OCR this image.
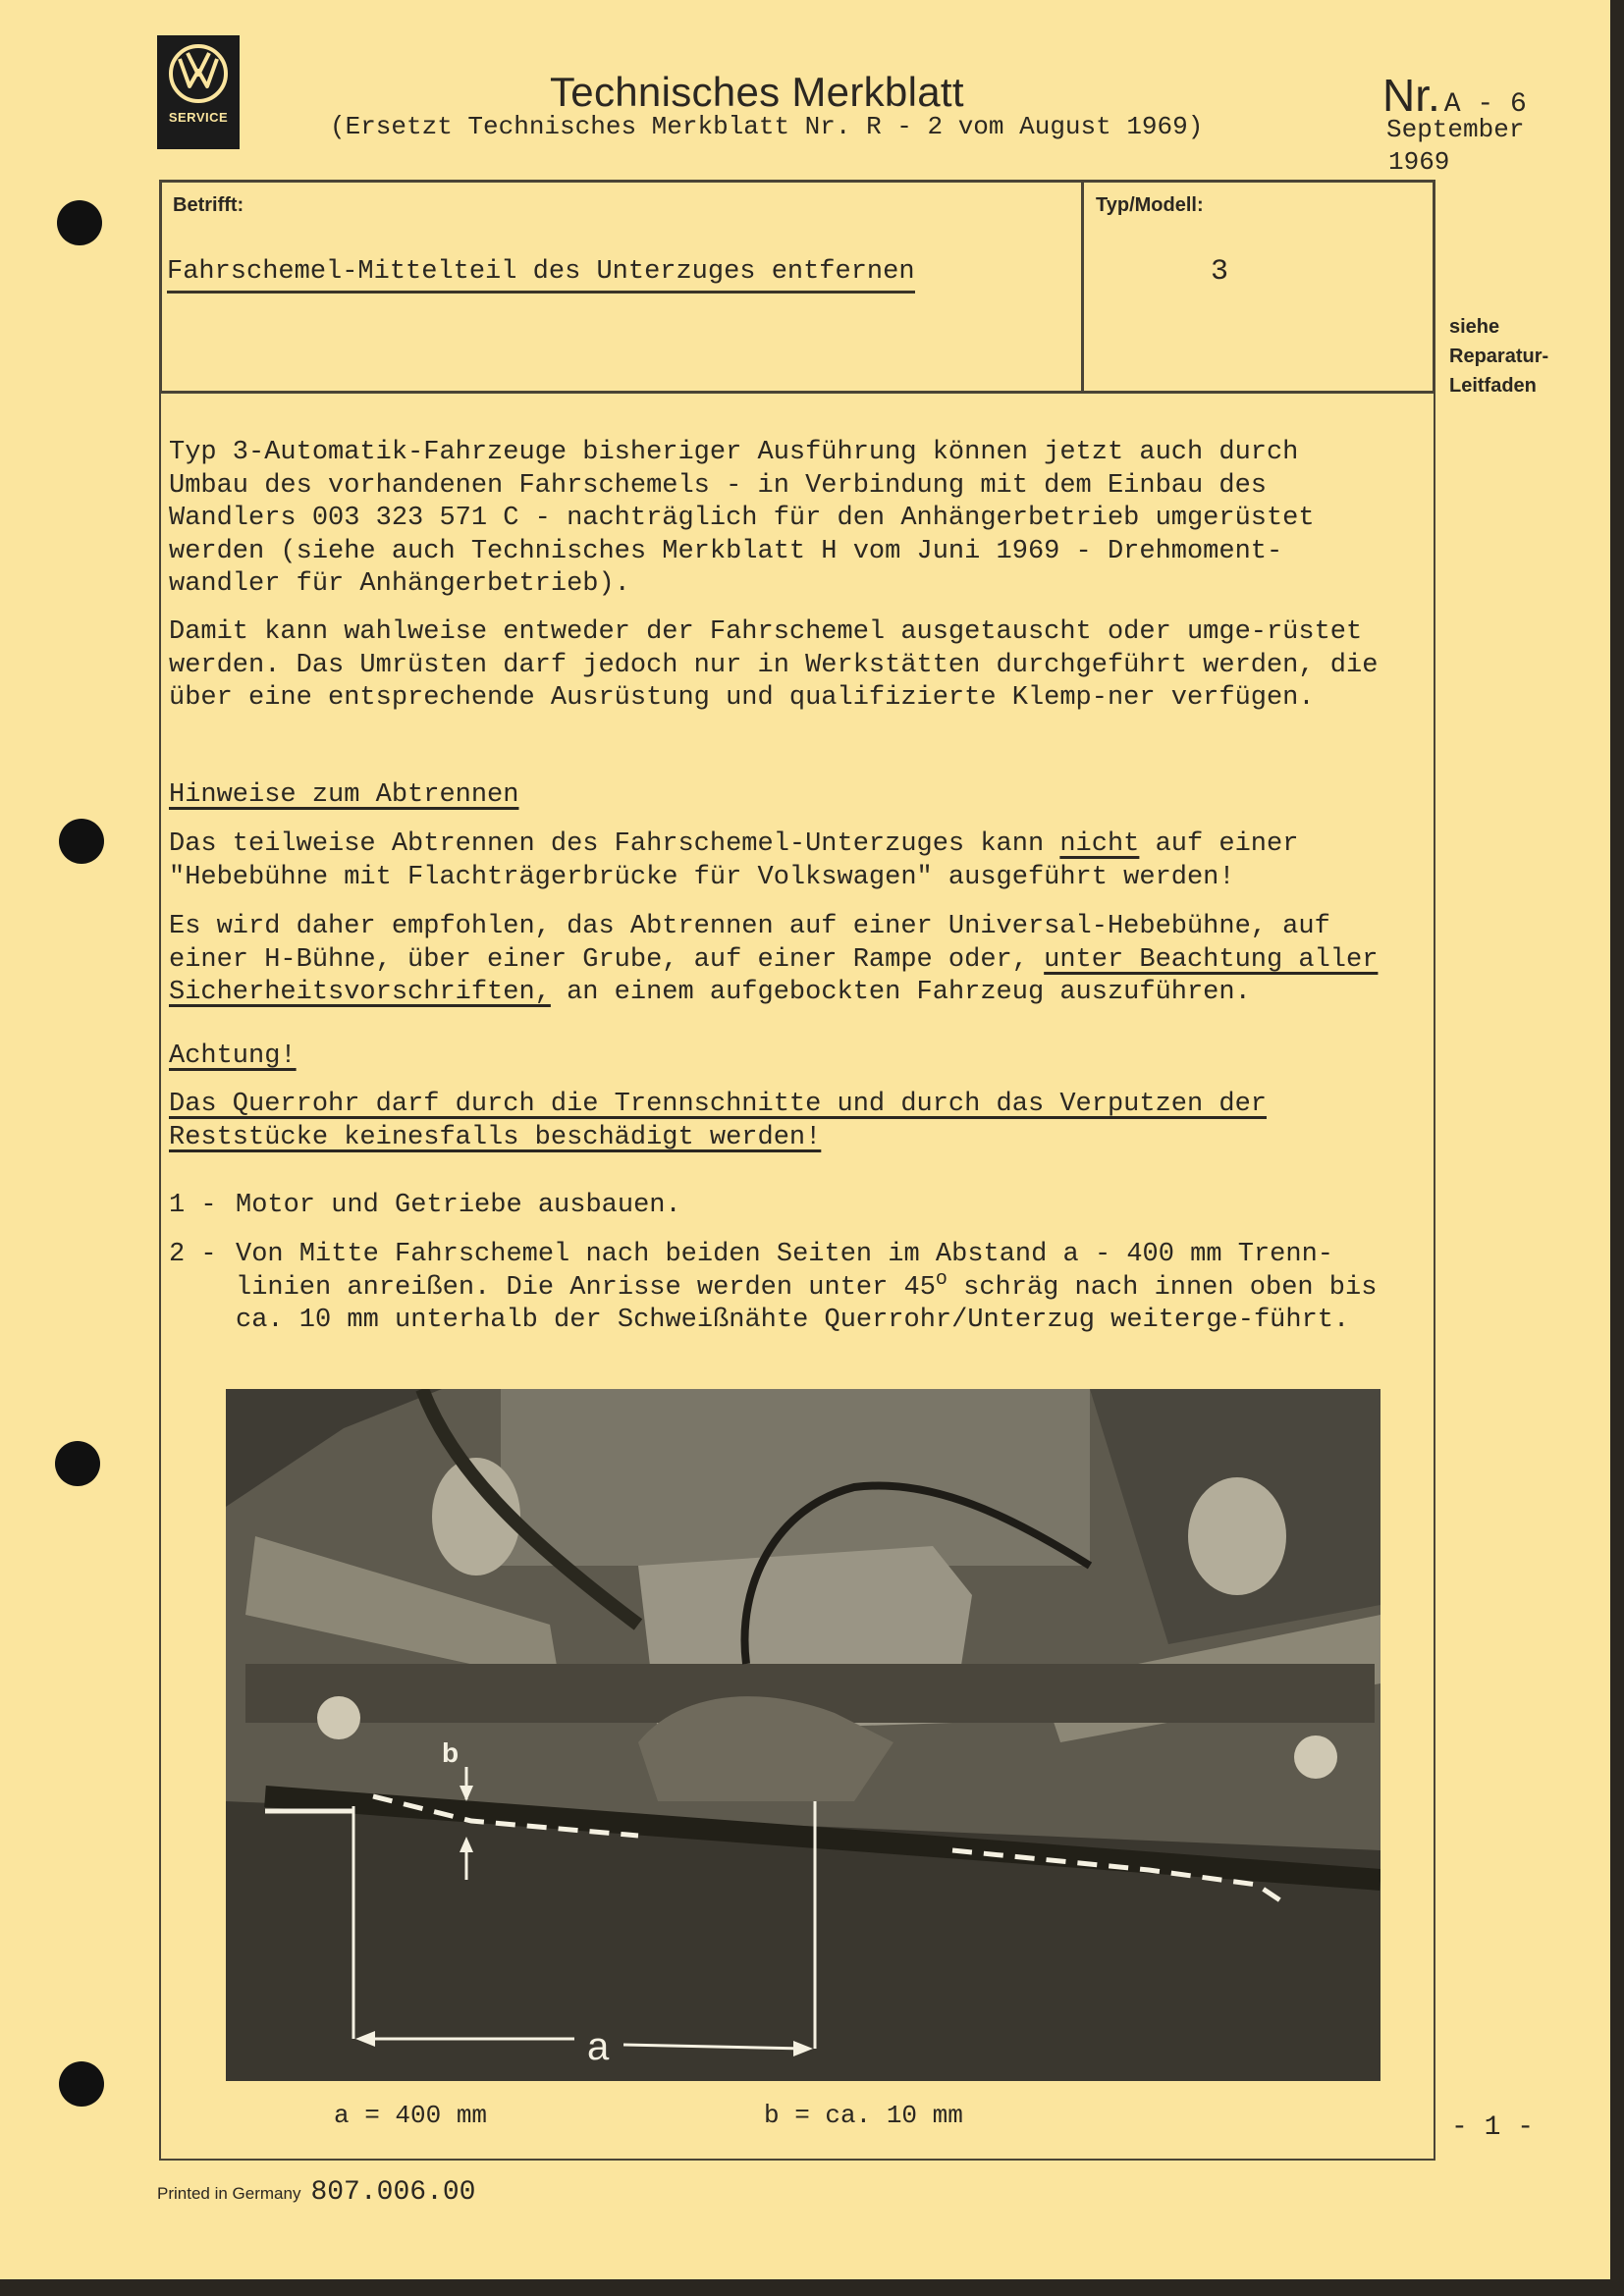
SERVICE
Technisches Merkblatt
(Ersetzt Technisches Merkblatt Nr. R - 2 vom August 1969)
Nr. A - 6
September
1969
Betrifft:
Fahrschemel-Mittelteil des Unterzuges entfernen
Typ/Modell:
3
siehe
Reparatur-
Leitfaden

Typ 3-Automatik-Fahrzeuge bisheriger Ausführung können jetzt auch durch Umbau des vorhandenen Fahrschemels - in Verbindung mit dem Einbau des Wandlers 003 323 571 C - nachträglich für den Anhängerbetrieb umgerüstet werden (siehe auch Technisches Merkblatt H vom Juni 1969 - Drehmoment-wandler für Anhängerbetrieb).

Damit kann wahlweise entweder der Fahrschemel ausgetauscht oder umge-rüstet werden. Das Umrüsten darf jedoch nur in Werkstätten durchgeführt werden, die über eine entsprechende Ausrüstung und qualifizierte Klemp-ner verfügen.

Hinweise zum Abtrennen

Das teilweise Abtrennen des Fahrschemel-Unterzuges kann nicht auf einer "Hebebühne mit Flachträgerbrücke für Volkswagen" ausgeführt werden!

Es wird daher empfohlen, das Abtrennen auf einer Universal-Hebebühne, auf einer H-Bühne, über einer Grube, auf einer Rampe oder, unter Beachtung aller Sicherheitsvorschriften, an einem aufgebockten Fahrzeug auszuführen.

Achtung!

Das Querrohr darf durch die Trennschnitte und durch das Verputzen der Reststücke keinesfalls beschädigt werden!

1 - Motor und Getriebe ausbauen.
2 - Von Mitte Fahrschemel nach beiden Seiten im Abstand a - 400 mm Trenn-linien anreißen. Die Anrisse werden unter 45$^o$ schräg nach innen oben bis ca. 10 mm unterhalb der Schweißnähte Querrohr/Unterzug weiterge-führt.
a
b
a = 400 mm	b = ca. 10 mm	- 1 -
Printed in Germany 807.006.00
